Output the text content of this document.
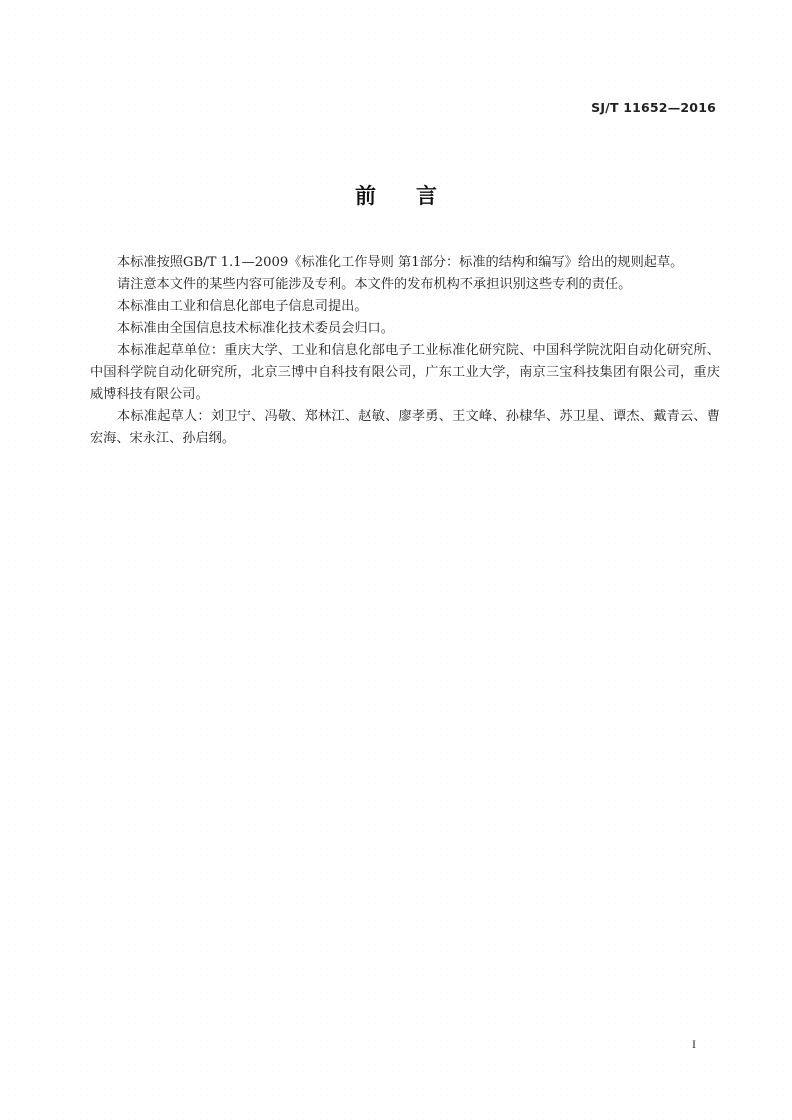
SJ/T 11652—2016
前言

本标准按照GB/T 1.1—2009《标准化工作导则 第1部分：标准的结构和编写》给出的规则起草。

请注意本文件的某些内容可能涉及专利。本文件的发布机构不承担识别这些专利的责任。

本标准由工业和信息化部电子信息司提出。

本标准由全国信息技术标准化技术委员会归口。

本标准起草单位：重庆大学、工业和信息化部电子工业标准化研究院、中国科学院沈阳自动化研究所、中国科学院自动化研究所，北京三博中自科技有限公司，广东工业大学，南京三宝科技集团有限公司，重庆威博科技有限公司。

本标准起草人：刘卫宁、冯敬、郑林江、赵敏、廖孝勇、王文峰、孙棣华、苏卫星、谭杰、戴青云、曹宏海、宋永江、孙启纲。

I
